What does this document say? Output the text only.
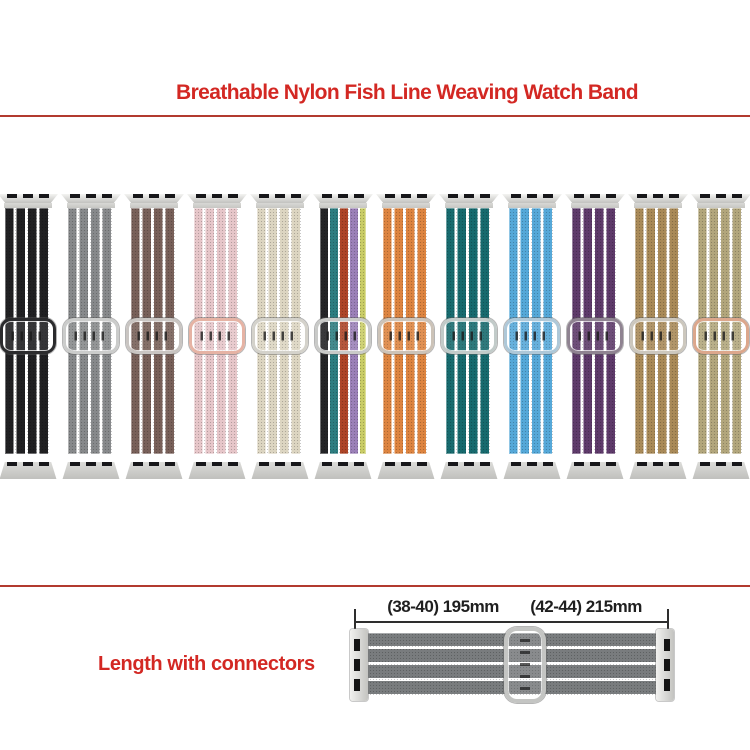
Breathable Nylon Fish Line Weaving Watch Band
(38-40) 195mm	(42-44) 215mm
Length with connectors
